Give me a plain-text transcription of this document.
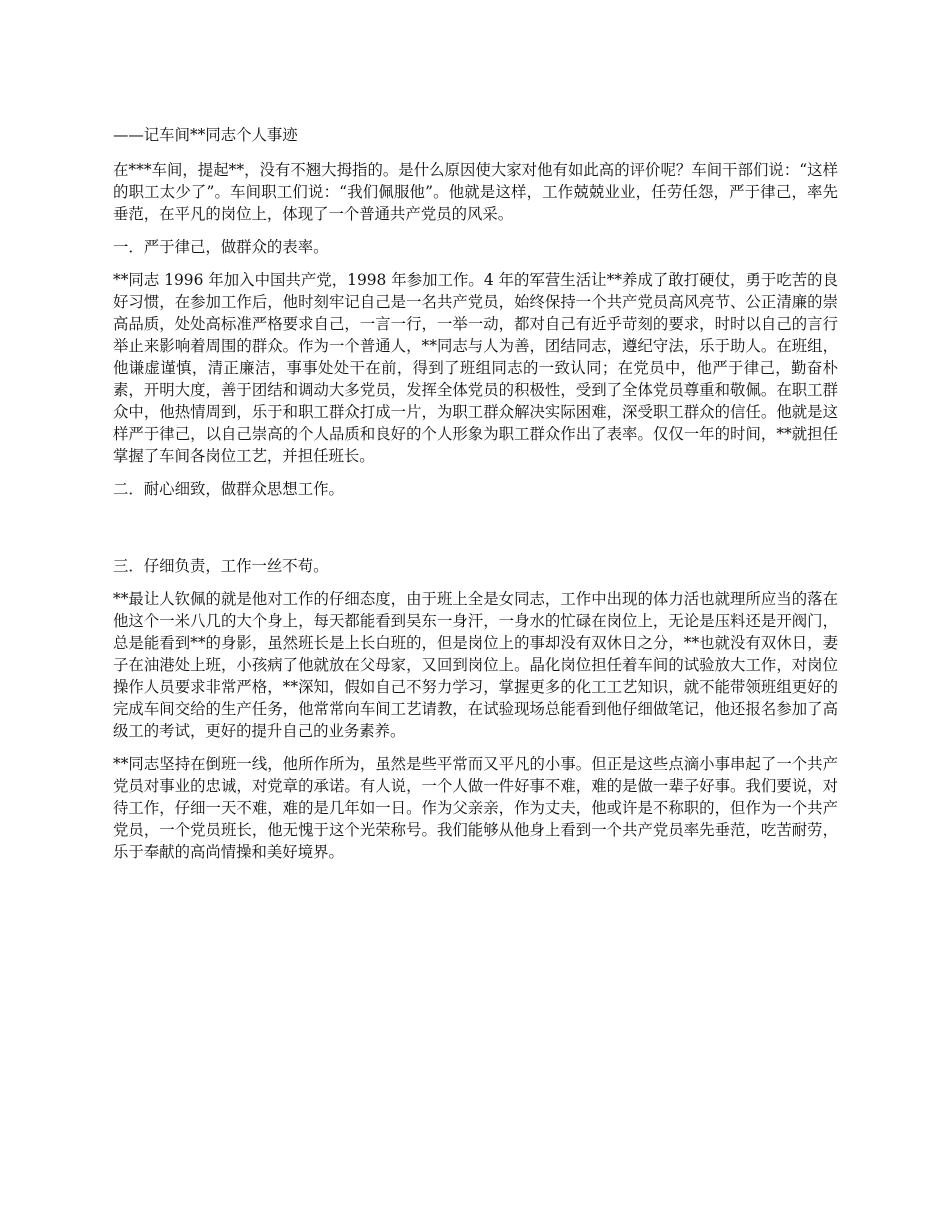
——记车间**同志个人事迹

在***车间，提起**，没有不翘大拇指的。是什么原因使大家对他有如此高的评价呢？车间干部们说：“这样的职工太少了”。车间职工们说：“我们佩服他”。他就是这样，工作兢兢业业，任劳任怨，严于律己，率先垂范，在平凡的岗位上，体现了一个普通共产党员的风采。

一．严于律己，做群众的表率。

**同志 1996 年加入中国共产党，1998 年参加工作。4 年的军营生活让**养成了敢打硬仗，勇于吃苦的良好习惯，在参加工作后，他时刻牢记自己是一名共产党员，始终保持一个共产党员高风亮节、公正清廉的崇高品质，处处高标准严格要求自己，一言一行，一举一动，都对自己有近乎苛刻的要求，时时以自己的言行举止来影响着周围的群众。作为一个普通人，**同志与人为善，团结同志，遵纪守法，乐于助人。在班组，他谦虚谨慎，清正廉洁，事事处处干在前，得到了班组同志的一致认同；在党员中，他严于律己，勤奋朴素，开明大度，善于团结和调动大多党员，发挥全体党员的积极性，受到了全体党员尊重和敬佩。在职工群众中，他热情周到，乐于和职工群众打成一片，为职工群众解决实际困难，深受职工群众的信任。他就是这样严于律己，以自己崇高的个人品质和良好的个人形象为职工群众作出了表率。仅仅一年的时间，**就担任掌握了车间各岗位工艺，并担任班长。

二．耐心细致，做群众思想工作。

三．仔细负责，工作一丝不苟。

**最让人钦佩的就是他对工作的仔细态度，由于班上全是女同志，工作中出现的体力活也就理所应当的落在他这个一米八几的大个身上，每天都能看到吴东一身汗，一身水的忙碌在岗位上，无论是压料还是开阀门，总是能看到**的身影，虽然班长是上长白班的，但是岗位上的事却没有双休日之分，**也就没有双休日，妻子在油港处上班，小孩病了他就放在父母家，又回到岗位上。晶化岗位担任着车间的试验放大工作，对岗位操作人员要求非常严格，**深知，假如自己不努力学习，掌握更多的化工工艺知识，就不能带领班组更好的完成车间交给的生产任务，他常常向车间工艺请教，在试验现场总能看到他仔细做笔记，他还报名参加了高级工的考试，更好的提升自己的业务素养。

**同志坚持在倒班一线，他所作所为，虽然是些平常而又平凡的小事。但正是这些点滴小事串起了一个共产党员对事业的忠诚，对党章的承诺。有人说，一个人做一件好事不难，难的是做一辈子好事。我们要说，对待工作，仔细一天不难，难的是几年如一日。作为父亲亲，作为丈夫，他或许是不称职的，但作为一个共产党员，一个党员班长，他无愧于这个光荣称号。我们能够从他身上看到一个共产党员率先垂范，吃苦耐劳，乐于奉献的高尚情操和美好境界。
